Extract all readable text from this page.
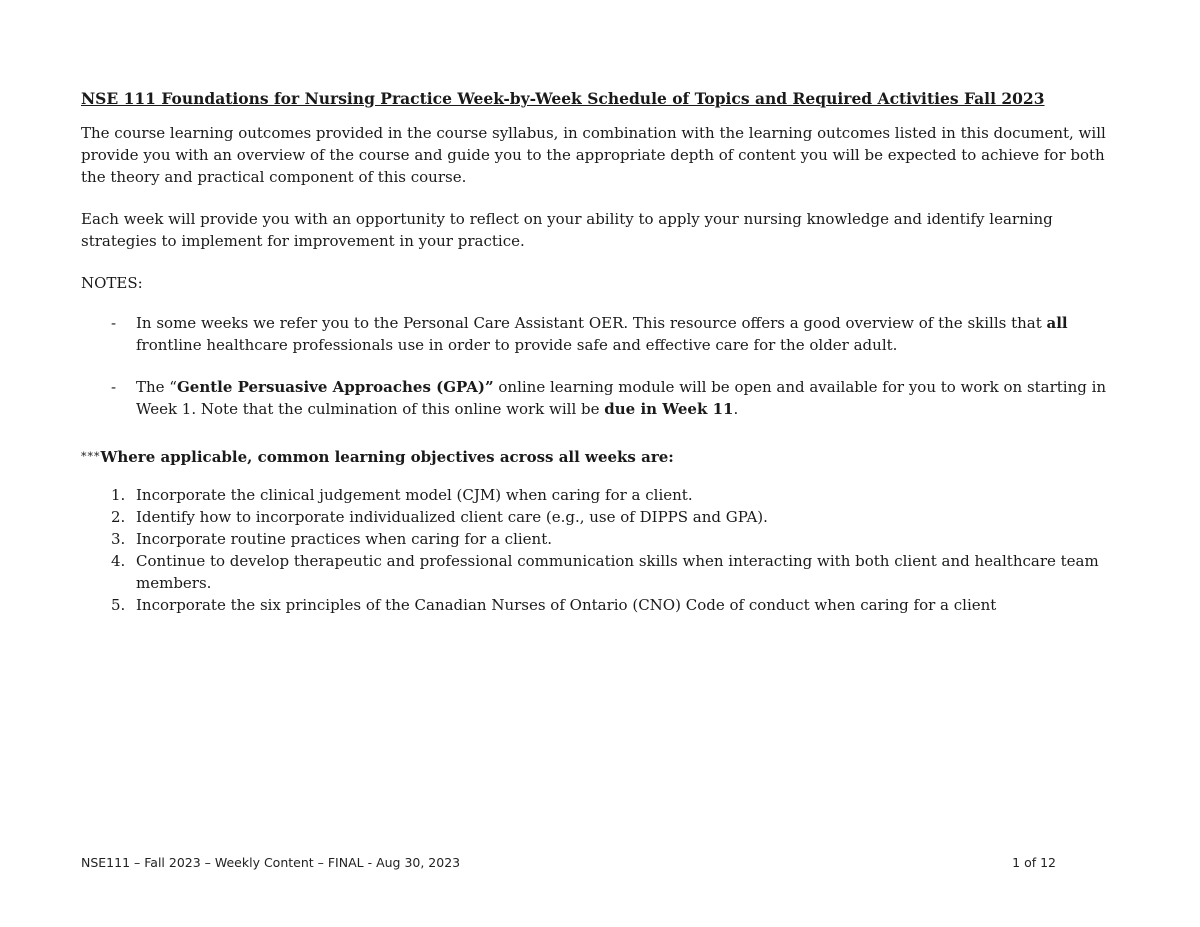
NSE 111 Foundations for Nursing Practice Week-by-Week Schedule of Topics and Required Activities Fall 2023

The course learning outcomes provided in the course syllabus, in combination with the learning outcomes listed in this document, will provide you with an overview of the course and guide you to the appropriate depth of content you will be expected to achieve for both the theory and practical component of this course.

Each week will provide you with an opportunity to reflect on your ability to apply your nursing knowledge and identify learning strategies to implement for improvement in your practice.

NOTES:
- In some weeks we refer you to the Personal Care Assistant OER. This resource offers a good overview of the skills that all frontline healthcare professionals use in order to provide safe and effective care for the older adult.
- The “Gentle Persuasive Approaches (GPA)” online learning module will be open and available for you to work on starting in Week 1. Note that the culmination of this online work will be due in Week 11.
***Where applicable, common learning objectives across all weeks are:
1. Incorporate the clinical judgement model (CJM) when caring for a client.
2. Identify how to incorporate individualized client care (e.g., use of DIPPS and GPA).
3. Incorporate routine practices when caring for a client.
4. Continue to develop therapeutic and professional communication skills when interacting with both client and healthcare team members.
5. Incorporate the six principles of the Canadian Nurses of Ontario (CNO) Code of conduct when caring for a client
NSE111 – Fall 2023 – Weekly Content – FINAL - Aug 30, 2023	1 of 12
